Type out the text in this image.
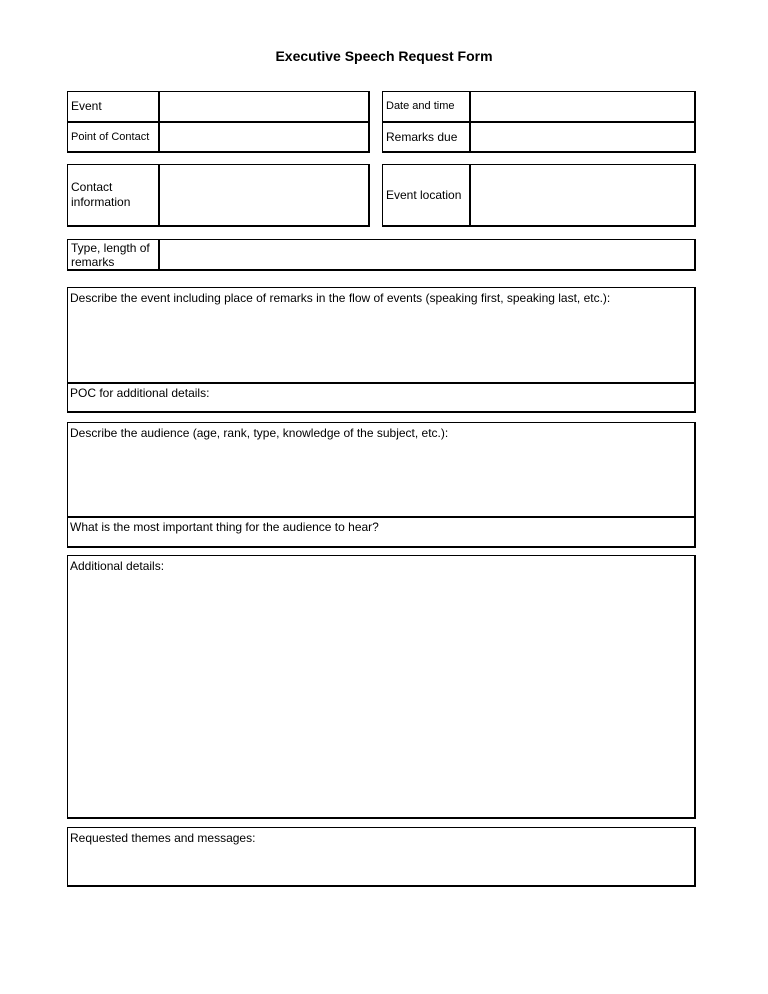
Executive Speech Request Form
Event
Point of Contact
Date and time
Remarks due
Contact information
Event location
Type, length of remarks
Describe the event including place of remarks in the flow of events (speaking first, speaking last, etc.):
POC for additional details:
Describe the audience (age, rank, type, knowledge of the subject, etc.):
What is the most important thing for the audience to hear?
Additional details:
Requested themes and messages:
